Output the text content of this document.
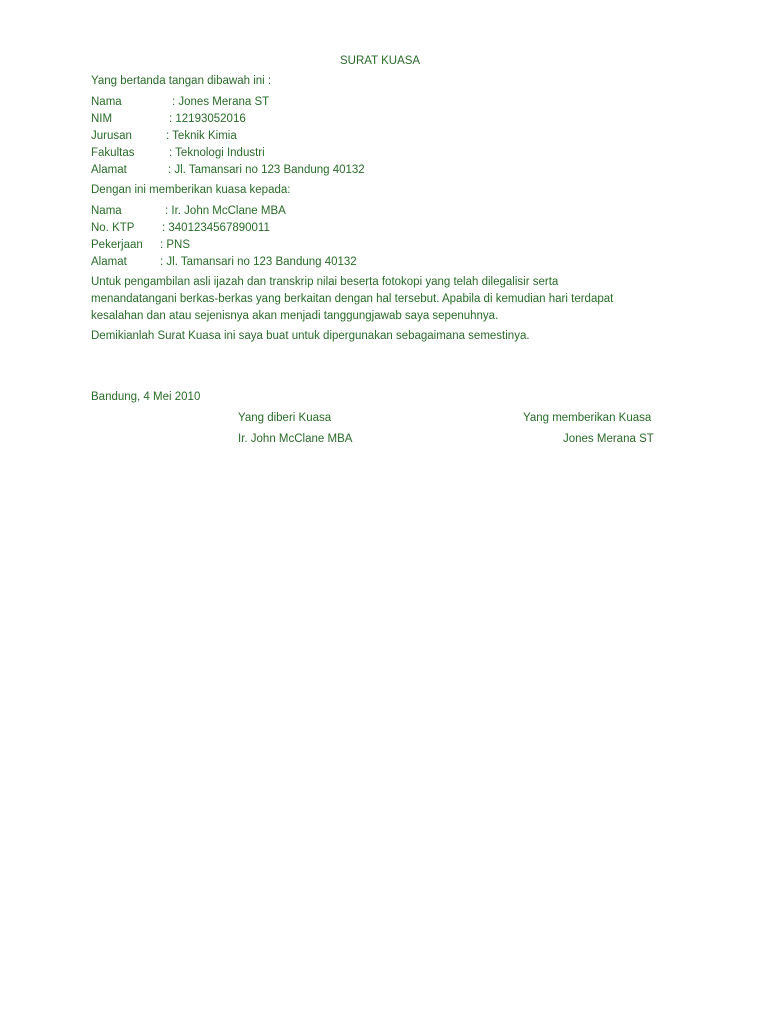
SURAT KUASA
Yang bertanda tangan dibawah ini :
Nama	: Jones Merana ST
NIM	: 12193052016
Jurusan	: Teknik Kimia
Fakultas	: Teknologi Industri
Alamat	: Jl. Tamansari no 123 Bandung 40132
Dengan ini memberikan kuasa kepada:
Nama	: Ir. John McClane MBA
No. KTP : 3401234567890011
Pekerjaan : PNS
Alamat	: Jl. Tamansari no 123 Bandung 40132
Untuk pengambilan asli ijazah dan transkrip nilai beserta fotokopi yang telah dilegalisir serta
menandatangani berkas-berkas yang berkaitan dengan hal tersebut. Apabila di kemudian hari terdapat
kesalahan dan atau sejenisnya akan menjadi tanggungjawab saya sepenuhnya.
Demikianlah Surat Kuasa ini saya buat untuk dipergunakan sebagaimana semestinya.
Bandung, 4 Mei 2010
Yang diberi Kuasa	Yang memberikan Kuasa
Ir. John McClane MBA	Jones Merana ST
